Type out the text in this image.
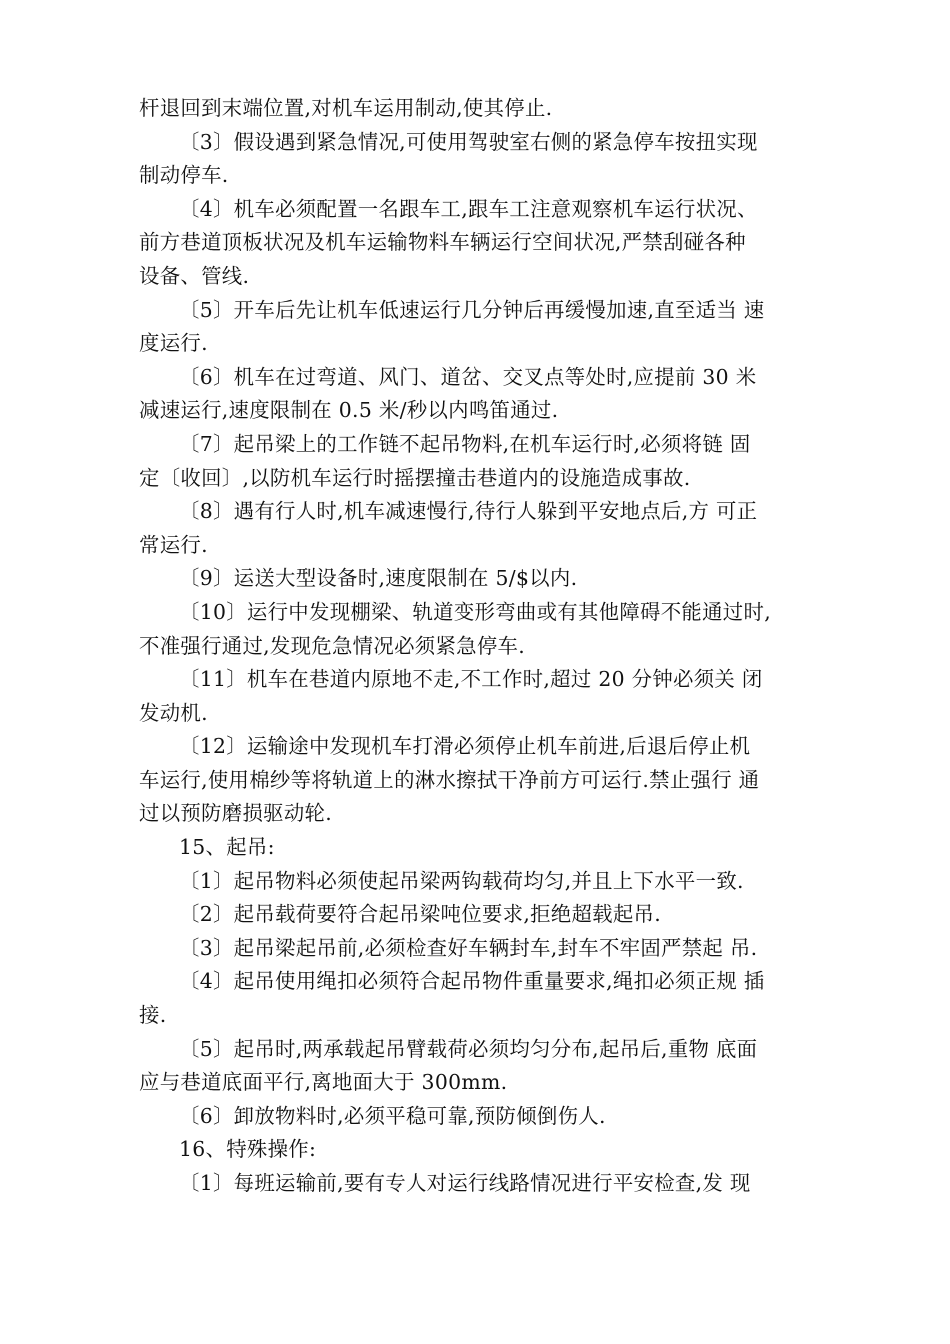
杆退回到末端位置,对机车运用制动,使其停止.
〔3〕假设遇到紧急情况,可使用驾驶室右侧的紧急停车按扭实现
制动停车.
〔4〕机车必须配置一名跟车工,跟车工注意观察机车运行状况、
前方巷道顶板状况及机车运输物料车辆运行空间状况,严禁刮碰各种
设备、管线.
〔5〕开车后先让机车低速运行几分钟后再缓慢加速,直至适当 速
度运行.
〔6〕机车在过弯道、风门、道岔、交叉点等处时,应提前 30 米
减速运行,速度限制在 0.5 米/秒以内鸣笛通过.
〔7〕起吊梁上的工作链不起吊物料,在机车运行时,必须将链 固
定〔收回〕,以防机车运行时摇摆撞击巷道内的设施造成事故.
〔8〕遇有行人时,机车减速慢行,待行人躲到平安地点后,方 可正
常运行.
〔9〕运送大型设备时,速度限制在 5/$以内.
〔10〕运行中发现棚梁、轨道变形弯曲或有其他障碍不能通过时,
不准强行通过,发现危急情况必须紧急停车.
〔11〕机车在巷道内原地不走,不工作时,超过 20 分钟必须关 闭
发动机.
〔12〕运输途中发现机车打滑必须停止机车前进,后退后停止机
车运行,使用棉纱等将轨道上的淋水擦拭干净前方可运行.禁止强行 通
过以预防磨损驱动轮.
15、起吊:
〔1〕起吊物料必须使起吊梁两钩载荷均匀,并且上下水平一致.
〔2〕起吊载荷要符合起吊梁吨位要求,拒绝超载起吊.
〔3〕起吊梁起吊前,必须检查好车辆封车,封车不牢固严禁起 吊.
〔4〕起吊使用绳扣必须符合起吊物件重量要求,绳扣必须正规 插
接.
〔5〕起吊时,两承载起吊臂载荷必须均匀分布,起吊后,重物 底面
应与巷道底面平行,离地面大于 300mm.
〔6〕卸放物料时,必须平稳可靠,预防倾倒伤人.
16、特殊操作:
〔1〕每班运输前,要有专人对运行线路情况进行平安检查,发 现
